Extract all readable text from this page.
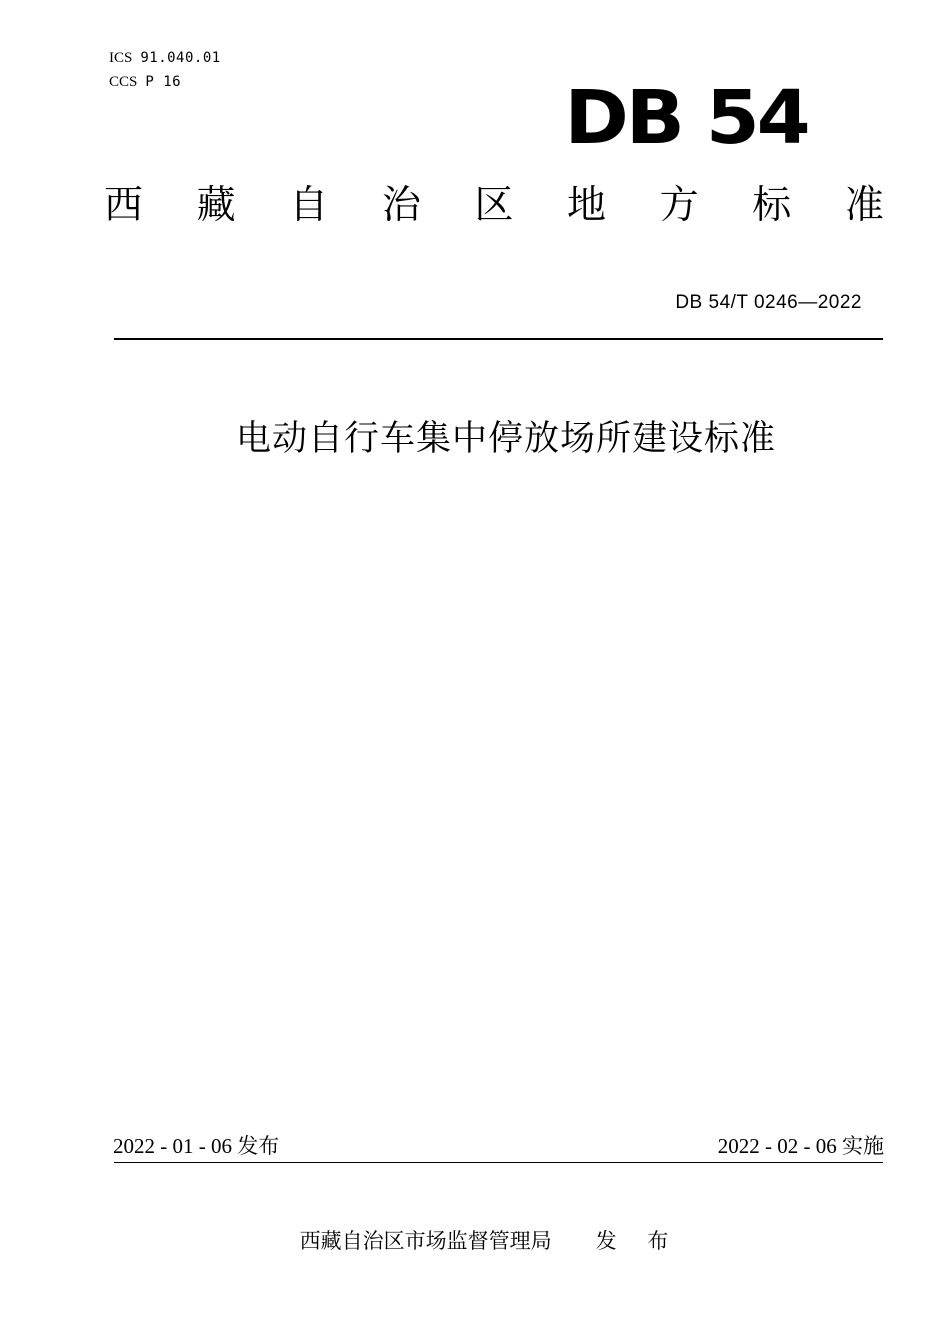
ICS 91.040.01
CCS P 16	DB 54
西 藏 自 治 区 地 方 标 准
DB 54/T 0246—2022
电动自行车集中停放场所建设标准
2022 - 01 - 06 发布	2022 - 02 - 06 实施
西藏自治区市场监督管理局 发 布
